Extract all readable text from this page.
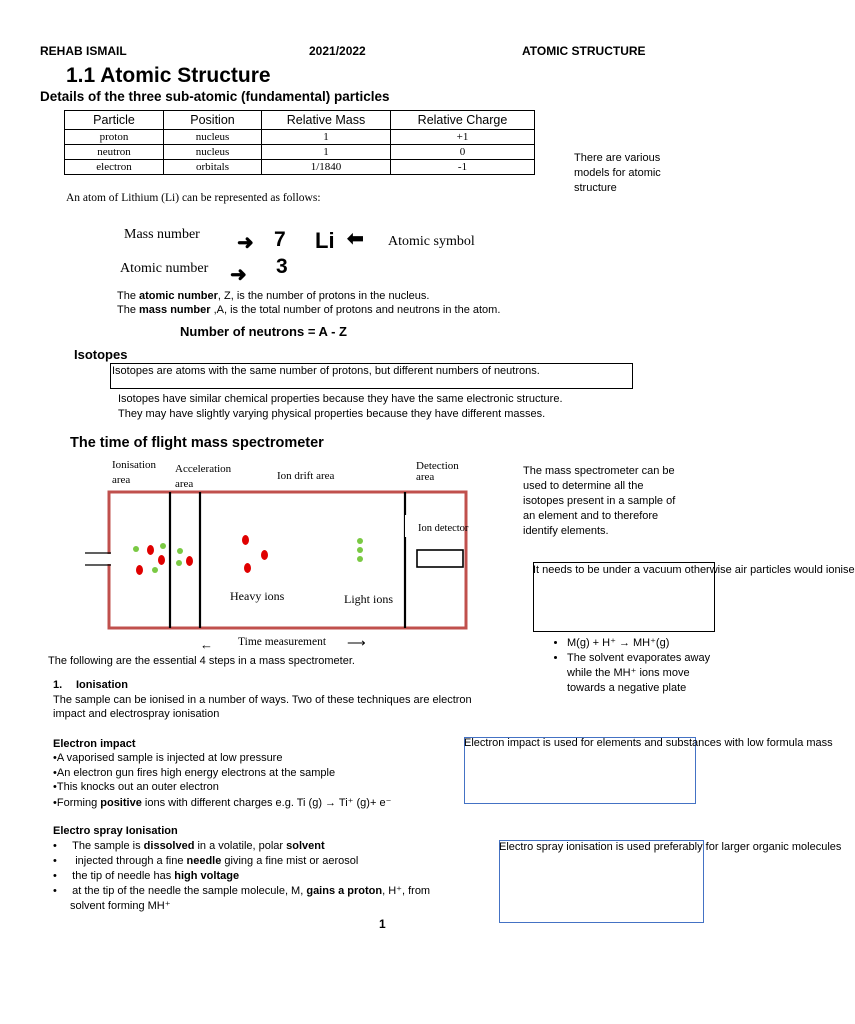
REHAB ISMAIL	2021/2022	ATOMIC STRUCTURE
1.1 Atomic Structure
Details of the three sub-atomic (fundamental) particles
Particle	Position	Relative Mass	Relative Charge
proton	nucleus	1	+1
neutron	nucleus	1	0
electron	orbitals	1/1840	-1
There are various models for atomic structure
An atom of Lithium (Li) can be represented as follows:
Mass number ➜ 7 Li ⬅ Atomic symbol
Atomic number ➜ 3
The atomic number, Z, is the number of protons in the nucleus.
The mass number ,A, is the total number of protons and neutrons in the atom.
Number of neutrons = A - Z
Isotopes
Isotopes are atoms with the same number of protons, but different numbers of neutrons.
Isotopes have similar chemical properties because they have the same electronic structure.
They may have slightly varying physical properties because they have different masses.
The time of flight mass spectrometer
Ionisation
area
Acceleration
area
Ion drift area
Detection
area
Ion detector
Heavy ions	Light ions
← Time measurement ⟶
The mass spectrometer can be
used to determine all the
isotopes present in a sample of
an element and to therefore
identify elements.
It needs to be under a vacuum otherwise air particles would ionise
• M(g) + H⁺ → MH⁺(g)
• The solvent evaporates away
while the MH⁺ ions move
towards a negative plate
The following are the essential 4 steps in a mass spectrometer.
1. Ionisation
The sample can be ionised in a number of ways. Two of these techniques are electron
impact and electrospray ionisation
Electron impact
•A vaporised sample is injected at low pressure
•An electron gun fires high energy electrons at the sample
•This knocks out an outer electron
•Forming positive ions with different charges e.g. Ti (g) → Ti⁺ (g)+ e⁻
Electron impact is used for elements and substances with low formula mass
Electro spray Ionisation
•     The sample is dissolved in a volatile, polar solvent
•      injected through a fine needle giving a fine mist or aerosol
•     the tip of needle has high voltage
•     at the tip of the needle the sample molecule, M, gains a proton, H⁺, from
solvent forming MH⁺
Electro spray ionisation is used preferably for larger organic molecules
1
